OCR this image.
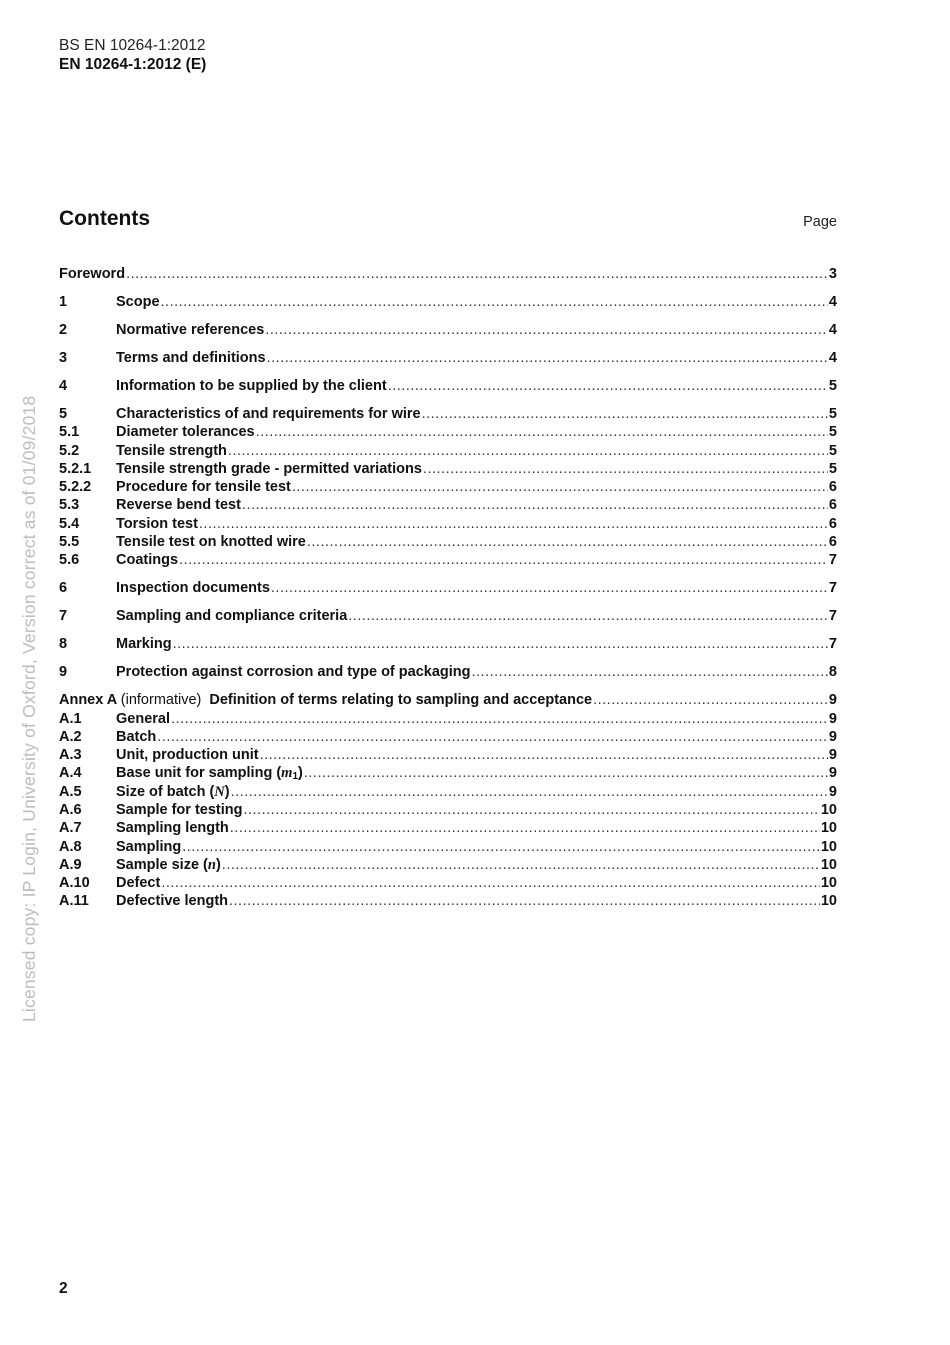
BS EN 10264-1:2012
EN 10264-1:2012 (E)
Contents	Page
Foreword .....	3
1	Scope .....	4
2	Normative references .....	4
3	Terms and definitions .....	4
4	Information to be supplied by the client .....	5
5	Characteristics of and requirements for wire .....	5
5.1	Diameter tolerances .....	5
5.2	Tensile strength .....	5
5.2.1	Tensile strength grade - permitted variations .....	5
5.2.2	Procedure for tensile test .....	6
5.3	Reverse bend test .....	6
5.4	Torsion test .....	6
5.5	Tensile test on knotted wire .....	6
5.6	Coatings .....	7
6	Inspection documents .....	7
7	Sampling and compliance criteria .....	7
8	Marking .....	7
9	Protection against corrosion and type of packaging .....	8
Annex A (informative) Definition of terms relating to sampling and acceptance .....	9
A.1	General .....	9
A.2	Batch .....	9
A.3	Unit, production unit .....	9
A.4	Base unit for sampling $(m_1)$ .....	9
A.5	Size of batch (N) .....	9
A.6	Sample for testing .....	10
A.7	Sampling length .....	10
A.8	Sampling .....	10
A.9	Sample size (n) .....	10
A.10	Defect .....	10
A.11	Defective length .....	10
Licensed copy: IP Login, University of Oxford, Version correct as of 01/09/2018
2
